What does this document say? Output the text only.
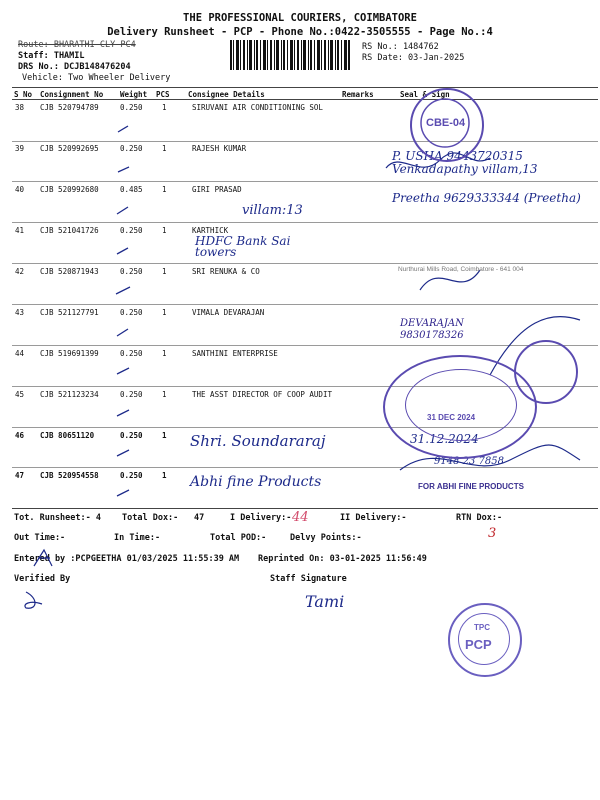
THE PROFESSIONAL COURIERS, COIMBATORE
Delivery Runsheet - PCP - Phone No.:0422-3505555 - Page No.:4
Route: BHARATHI CLY PC4
Staff: THAMIL
DRS No.: DCJB148476204
Vehicle: Two Wheeler Delivery
RS No.: 1484762
RS Date: 03-Jan-2025
S No Consignment No Weight PCS Consignee Details	Remarks	Seal & Sign
38 CJB 520794789	0.250	1	SIRUVANI AIR CONDITIONING SOL
39 CJB 520992695	0.250	1	RAJESH KUMAR
40 CJB 520992680	0.485	1	GIRI PRASAD
41 CJB 521041726	0.250	1	KARTHICK
42 CJB 520871943	0.250	1	SRI RENUKA & CO
43 CJB 521127791	0.250	1	VIMALA DEVARAJAN
44 CJB 519691399	0.250	1	SANTHINI ENTERPRISE
45 CJB 521123234	0.250	1	THE ASST DIRECTOR OF COOP AUDIT
46 CJB 80651120	0.250	1
47 CJB 520954558	0.250	1
villam:13
HDFC Bank Sai towers
Shri. Soundararaj
Abhi fine Products
P. USHA 9443720315 Venkadapathy villam,13
Preetha 9629333344 (Preetha)
DEVARAJAN 9830178326
9148 23 7858
31.12.2024
CBE-04
Nurthurai Mills Road, Coimbatore - 641 004
31 DEC 2024
FOR ABHI FINE PRODUCTS
TPC
PCP
Tot. Runsheet:- 4 Total Dox:- 47	I Delivery:- 44	II Delivery:-	RTN Dox:-
3
Out Time:-	In Time:-	Total POD:-	Delvy Points:-
Entered by :PCPGEETHA 01/03/2025 11:55:39 AM Reprinted On: 03-01-2025 11:56:49
Verified By	Staff Signature
Tami
